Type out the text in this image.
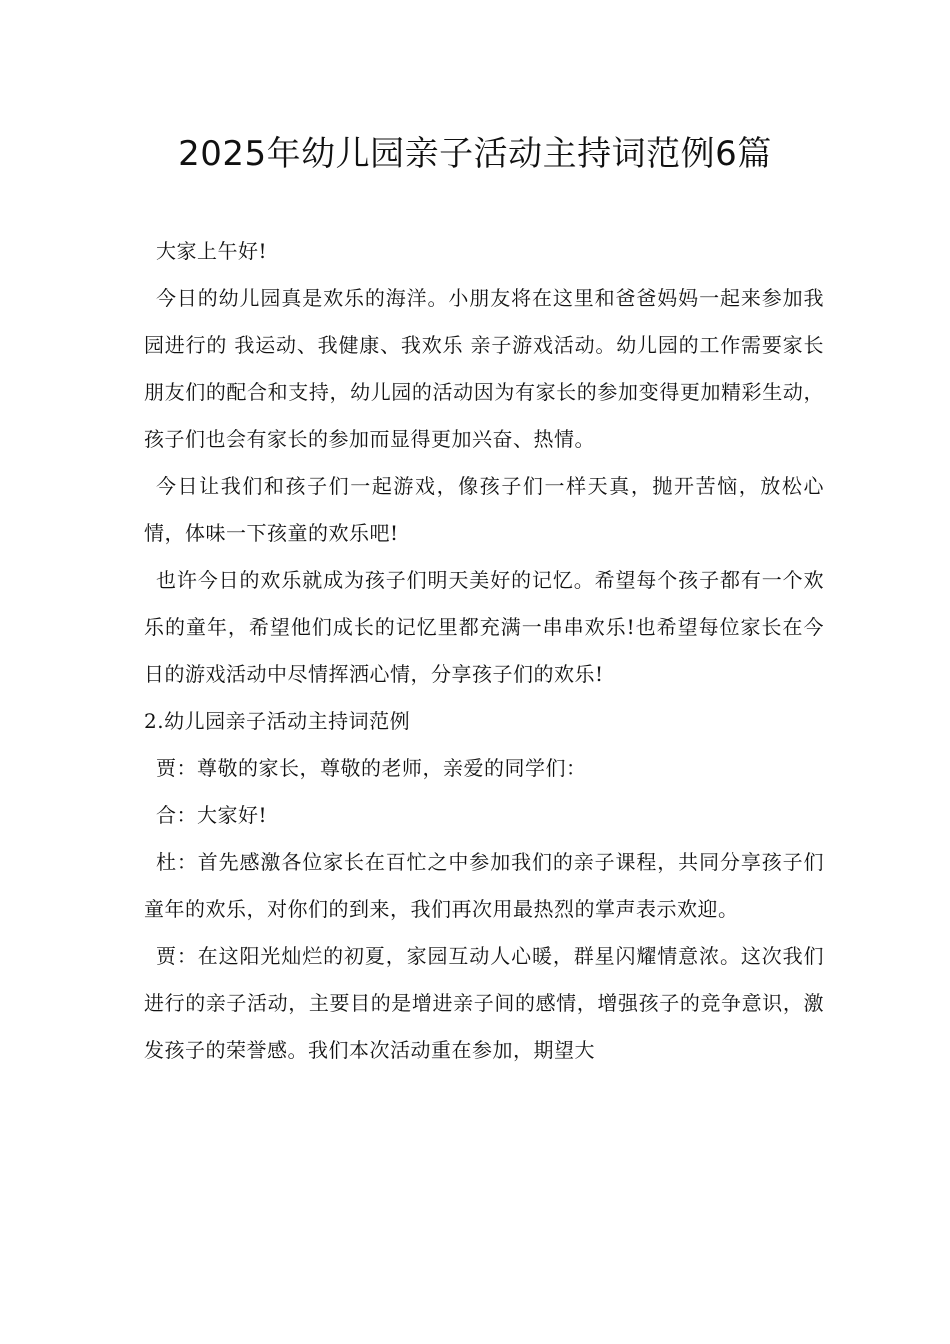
2025年幼儿园亲子活动主持词范例6篇

大家上午好!

今日的幼儿园真是欢乐的海洋。小朋友将在这里和爸爸妈妈一起来参加我园进行的 我运动、我健康、我欢乐 亲子游戏活动。幼儿园的工作需要家长朋友们的配合和支持，幼儿园的活动因为有家长的参加变得更加精彩生动，孩子们也会有家长的参加而显得更加兴奋、热情。

今日让我们和孩子们一起游戏，像孩子们一样天真，抛开苦恼，放松心情，体味一下孩童的欢乐吧!

也许今日的欢乐就成为孩子们明天美好的记忆。希望每个孩子都有一个欢乐的童年，希望他们成长的记忆里都充满一串串欢乐!也希望每位家长在今日的游戏活动中尽情挥洒心情，分享孩子们的欢乐!

2.幼儿园亲子活动主持词范例

贾：尊敬的家长，尊敬的老师，亲爱的同学们：

合：大家好!

杜：首先感激各位家长在百忙之中参加我们的亲子课程，共同分享孩子们童年的欢乐，对你们的到来，我们再次用最热烈的掌声表示欢迎。

贾：在这阳光灿烂的初夏，家园互动人心暖，群星闪耀情意浓。这次我们进行的亲子活动，主要目的是增进亲子间的感情，增强孩子的竞争意识，激发孩子的荣誉感。我们本次活动重在参加，期望大
